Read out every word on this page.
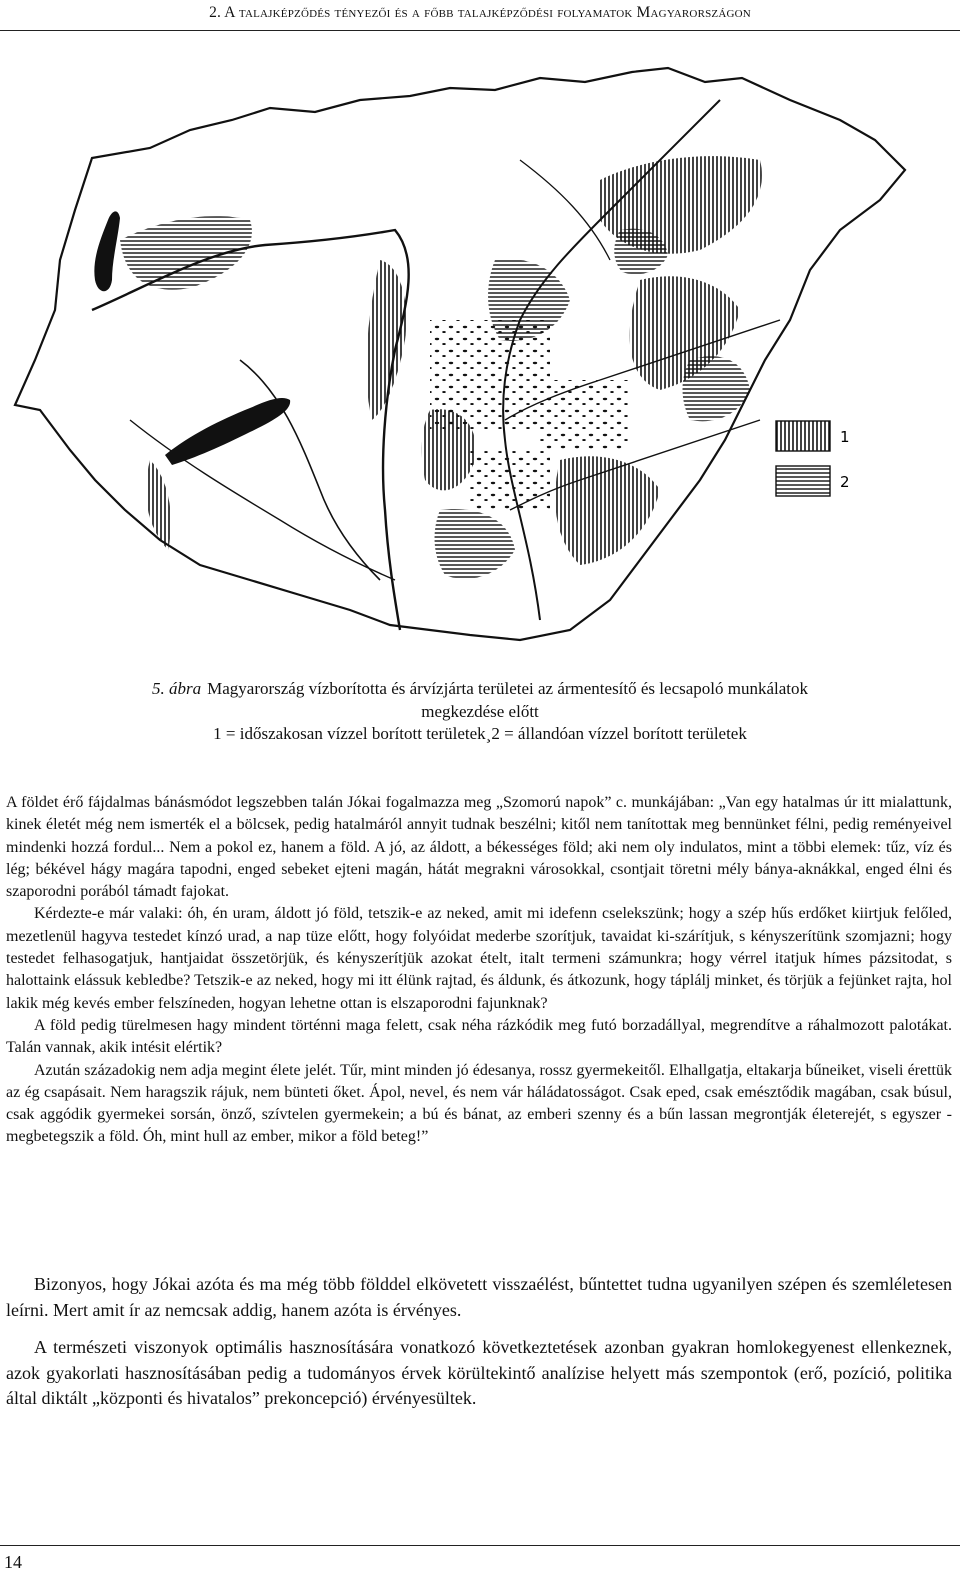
2. A talajképződés tényezői és a főbb talajképződési folyamatok Magyarországon
1
2
5. ábra Magyarország vízborította és árvízjárta területei az ármentesítő és lecsapoló munkálatok
megkezdése előtt
1 = időszakosan vízzel borított területek¸2 = állandóan vízzel borított területek

A földet érő fájdalmas bánásmódot legszebben talán Jókai fogalmazza meg „Szomorú napok” c. munkájában: „Van egy hatalmas úr itt mialattunk, kinek életét még nem ismerték el a bölcsek, pedig hatalmáról annyit tudnak beszélni; kitől nem tanítottak meg bennünket félni, pedig reményeivel mindenki hozzá fordul... Nem a pokol ez, hanem a föld. A jó, az áldott, a békességes föld; aki nem oly indulatos, mint a többi elemek: tűz, víz és lég; békével hágy magára tapodni, enged sebeket ejteni magán, hátát megrakni városokkal, csontjait töretni mély bánya-aknákkal, enged élni és szaporodni porából támadt fajokat.

Kérdezte-e már valaki: óh, én uram, áldott jó föld, tetszik-e az neked, amit mi idefenn cselekszünk; hogy a szép hűs erdőket kiirtjuk felőled, mezetlenül hagyva testedet kínzó urad, a nap tüze előtt, hogy folyóidat mederbe szorítjuk, tavaidat ki-szárítjuk, s kényszerítünk szomjazni; hogy testedet felhasogatjuk, hantjaidat összetörjük, és kényszerítjük azokat ételt, italt termeni számunkra; hogy vérrel itatjuk hímes pázsitodat, s halottaink elássuk kebledbe? Tetszik-e az neked, hogy mi itt élünk rajtad, és áldunk, és átkozunk, hogy táplálj minket, és törjük a fejünket rajta, hol lakik még kevés ember felszíneden, hogyan lehetne ottan is elszaporodni fajunknak?

A föld pedig türelmesen hagy mindent történni maga felett, csak néha rázkódik meg futó borzadállyal, megrendítve a ráhalmozott palotákat. Talán vannak, akik intésit elértik?

Azután századokig nem adja megint élete jelét. Tűr, mint minden jó édesanya, rossz gyermekeitől. Elhallgatja, eltakarja bűneiket, viseli érettük az ég csapásait. Nem haragszik rájuk, nem bünteti őket. Ápol, nevel, és nem vár háládatosságot. Csak eped, csak emésztődik magában, csak búsul, csak aggódik gyermekei sorsán, önző, szívtelen gyermekein; a bú és bánat, az emberi szenny és a bűn lassan megrontják életerejét, s egyszer - megbetegszik a föld. Óh, mint hull az ember, mikor a föld beteg!”

Bizonyos, hogy Jókai azóta és ma még több földdel elkövetett visszaélést, bűntettet tudna ugyanilyen szépen és szemléletesen leírni. Mert amit ír az nemcsak addig, hanem azóta is érvényes.

A természeti viszonyok optimális hasznosítására vonatkozó következtetések azonban gyakran homlokegyenest ellenkeznek, azok gyakorlati hasznosításában pedig a tudományos érvek körültekintő analízise helyett más szempontok (erő, pozíció, politika által diktált „központi és hivatalos” prekoncepció) érvényesültek.

14
